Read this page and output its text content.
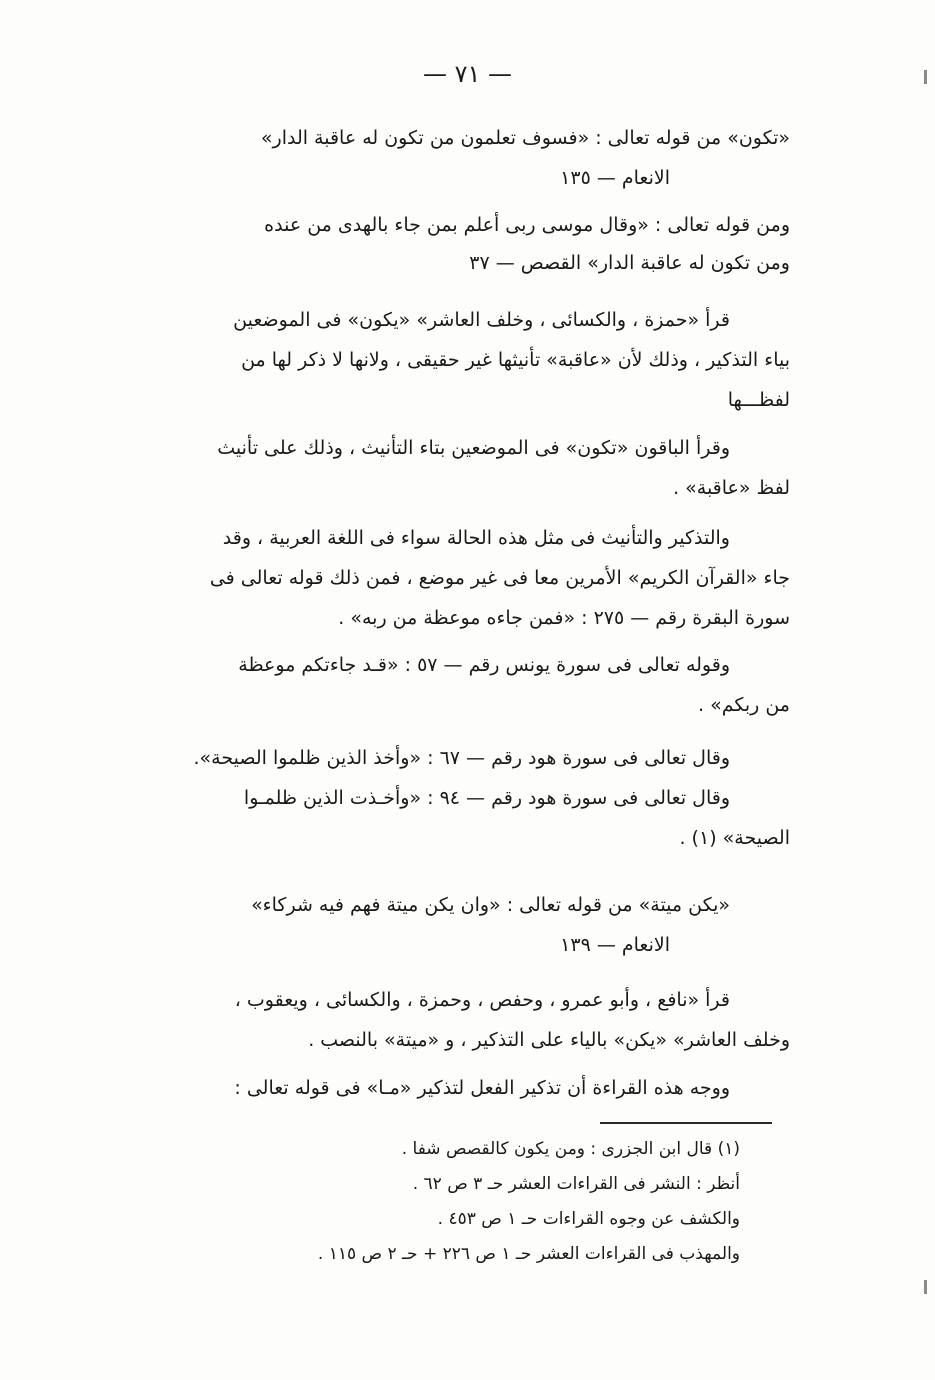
— ٧١ —
«تكون» من قوله تعالى : «فسوف تعلمون من تكون له عاقبة الدار»
الانعام — ١٣٥
ومن قوله تعالى : «وقال موسى ربى أعلم بمن جاء بالهدى من عنده
ومن تكون له عاقبة الدار» القصص — ٣٧
قرأ «حمزة ، والكسائى ، وخلف العاشر» «يكون» فى الموضعين
بياء التذكير ، وذلك لأن «عاقبة» تأنيثها غير حقيقى ، ولانها لا ذكر لها من
لفظـــها
وقرأ الباقون «تكون» فى الموضعين بتاء التأنيث ، وذلك على تأنيث
لفظ «عاقبة» .
والتذكير والتأنيث فى مثل هذه الحالة سواء فى اللغة العربية ، وقد
جاء «القرآن الكريم» الأمرين معا فى غير موضع ، فمن ذلك قوله تعالى فى
سورة البقرة رقم — ٢٧٥ : «فمن جاءه موعظة من ربه» .
وقوله تعالى فى سورة يونس رقم — ٥٧ : «قـد جاءتكم موعظة
من ربكم» .
وقال تعالى فى سورة هود رقم — ٦٧ : «وأخذ الذين ظلموا الصيحة».
وقال تعالى فى سورة هود رقم — ٩٤ : «وأخـذت الذين ظلمـوا
الصيحة» (١) .
«يكن ميتة» من قوله تعالى : «وان يكن ميتة فهم فيه شركاء»
الانعام — ١٣٩
قرأ «نافع ، وأبو عمرو ، وحفص ، وحمزة ، والكسائى ، ويعقوب ،
وخلف العاشر» «يكن» بالياء على التذكير ، و «ميتة» بالنصب .
ووجه هذه القراءة أن تذكير الفعل لتذكير «مـا» فى قوله تعالى :
(١) قال ابن الجزرى : ومن يكون كالقصص شفا .
أنظر : النشر فى القراءات العشر حـ ٣ ص ٦٢ .
والكشف عن وجوه القراءات حـ ١ ص ٤٥٣ .
والمهذب فى القراءات العشر حـ ١ ص ٢٢٦ + حـ ٢ ص ١١٥ .
